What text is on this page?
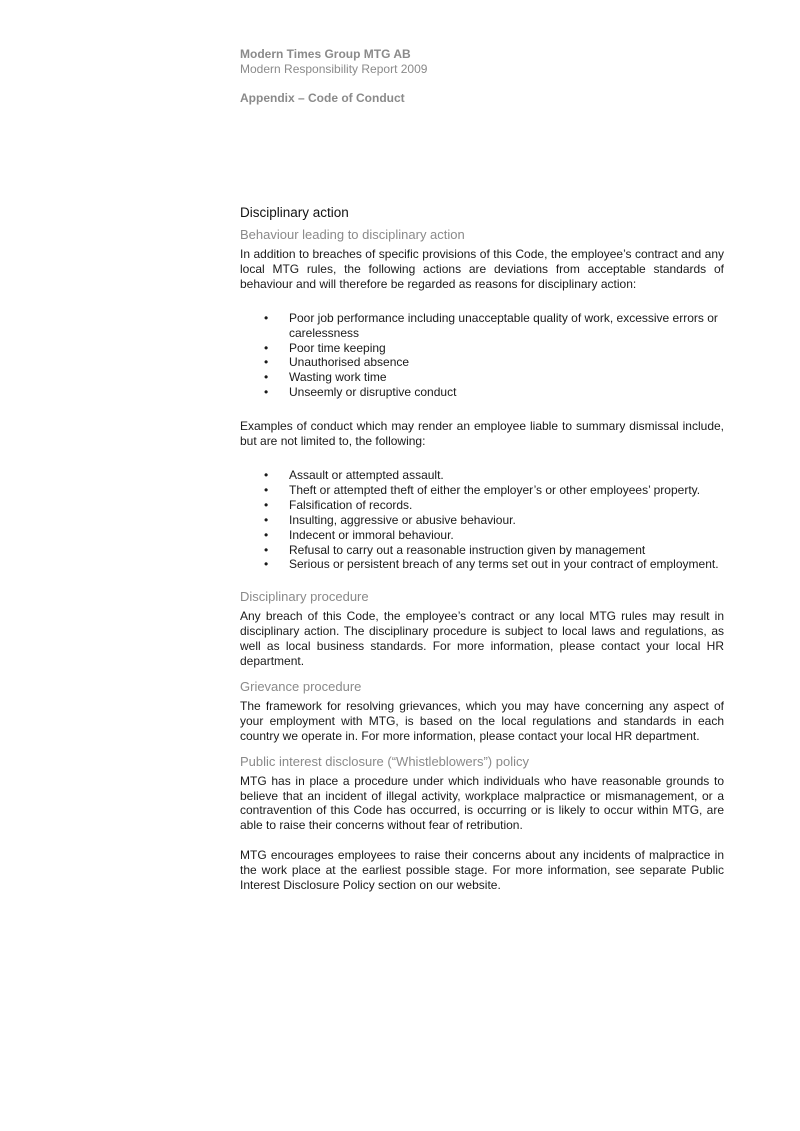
Modern Times Group MTG AB
Modern Responsibility Report 2009
Appendix – Code of Conduct
Disciplinary action
Behaviour leading to disciplinary action
In addition to breaches of specific provisions of this Code, the employee’s contract and any local MTG rules, the following actions are deviations from acceptable standards of behaviour and will therefore be regarded as reasons for disciplinary action:
• Poor job performance including unacceptable quality of work, excessive errors or carelessness
• Poor time keeping
• Unauthorised absence
• Wasting work time
• Unseemly or disruptive conduct
Examples of conduct which may render an employee liable to summary dismissal include, but are not limited to, the following:
• Assault or attempted assault.
• Theft or attempted theft of either the employer’s or other employees’ property.
• Falsification of records.
• Insulting, aggressive or abusive behaviour.
• Indecent or immoral behaviour.
• Refusal to carry out a reasonable instruction given by management
• Serious or persistent breach of any terms set out in your contract of employment.
Disciplinary procedure
Any breach of this Code, the employee’s contract or any local MTG rules may result in disciplinary action. The disciplinary procedure is subject to local laws and regulations, as well as local business standards. For more information, please contact your local HR department.
Grievance procedure
The framework for resolving grievances, which you may have concerning any aspect of your employment with MTG, is based on the local regulations and standards in each country we operate in. For more information, please contact your local HR department.
Public interest disclosure (“Whistleblowers”) policy
MTG has in place a procedure under which individuals who have reasonable grounds to believe that an incident of illegal activity, workplace malpractice or mismanagement, or a contravention of this Code has occurred, is occurring or is likely to occur within MTG, are able to raise their concerns without fear of retribution.
MTG encourages employees to raise their concerns about any incidents of malpractice in the work place at the earliest possible stage. For more information, see separate Public Interest Disclosure Policy section on our website.
